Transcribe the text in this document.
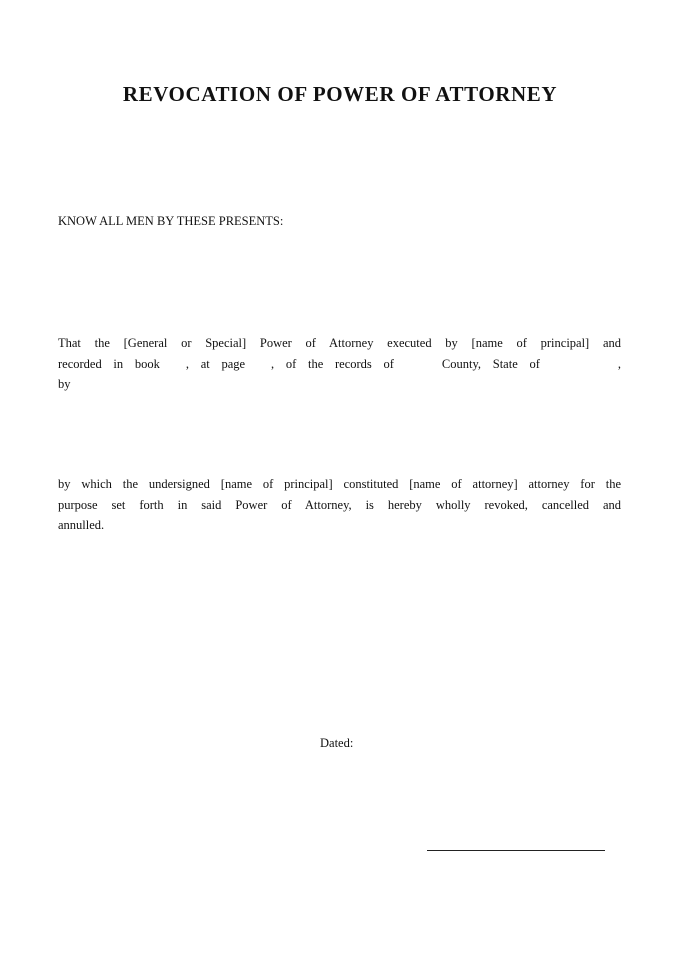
REVOCATION OF POWER OF ATTORNEY

KNOW ALL MEN BY THESE PRESENTS:

That the [General or Special] Power of Attorney executed by [name of principal] and
recorded in book , at page , of the records of	County, State of	,
by
by which the undersigned [name of principal] constituted [name of attorney] attorney for the
purpose set forth in said Power of Attorney, is hereby wholly revoked, cancelled and
annulled.

Dated:
